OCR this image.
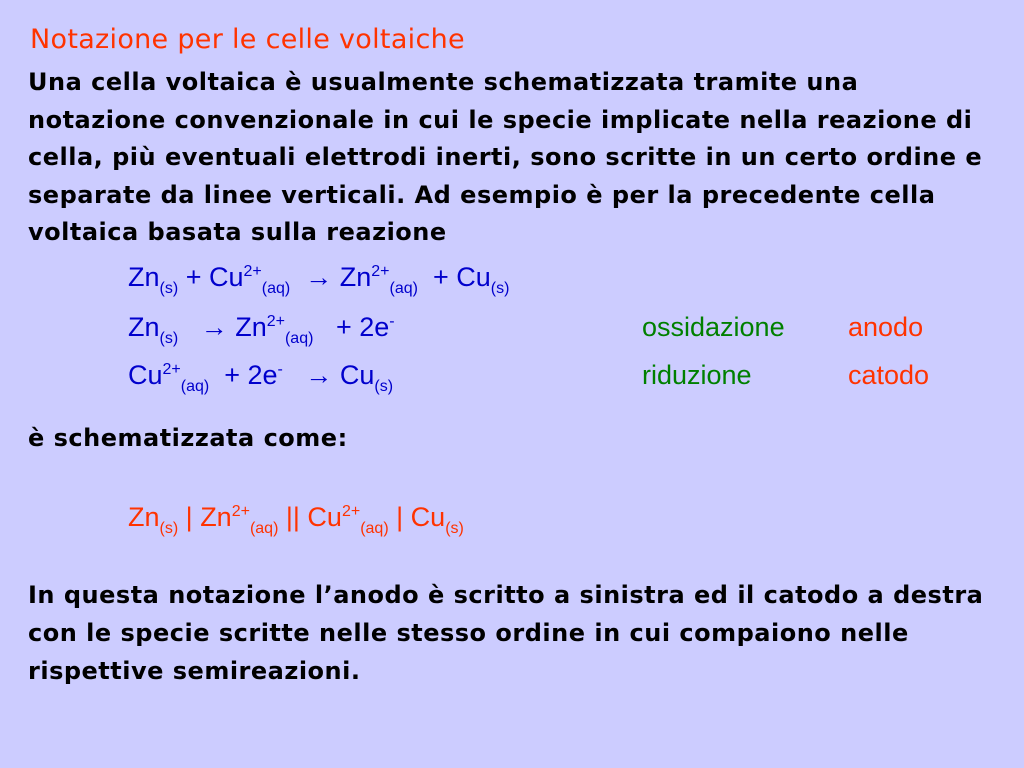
Notazione per le celle voltaiche
Una cella voltaica è usualmente schematizzata tramite una notazione convenzionale in cui le specie implicate nella reazione di cella, più eventuali elettrodi inerti, sono scritte in un certo ordine e separate da linee verticali. Ad esempio è per la precedente cella voltaica basata sulla reazione
$Zn_{(s)} + Cu^{2+}_{(aq)} \to Zn^{2+}_{(aq)} + Cu_{(s)}$
$Zn_{(s)} \to Zn^{2+}_{(aq)} + 2e^-$	ossidazione anodo
$Cu^{2+}_{(aq)} + 2e^- \to Cu_{(s)}$	riduzione	catodo
è schematizzata come:
$Zn_{(s)}$ | $Zn^{2+}_{(aq)}$ || $Cu^{2+}_{(aq)}$ | $Cu_{(s)}$
In questa notazione l’anodo è scritto a sinistra ed il catodo a destra con le specie scritte nelle stesso ordine in cui compaiono nelle rispettive semireazioni.
